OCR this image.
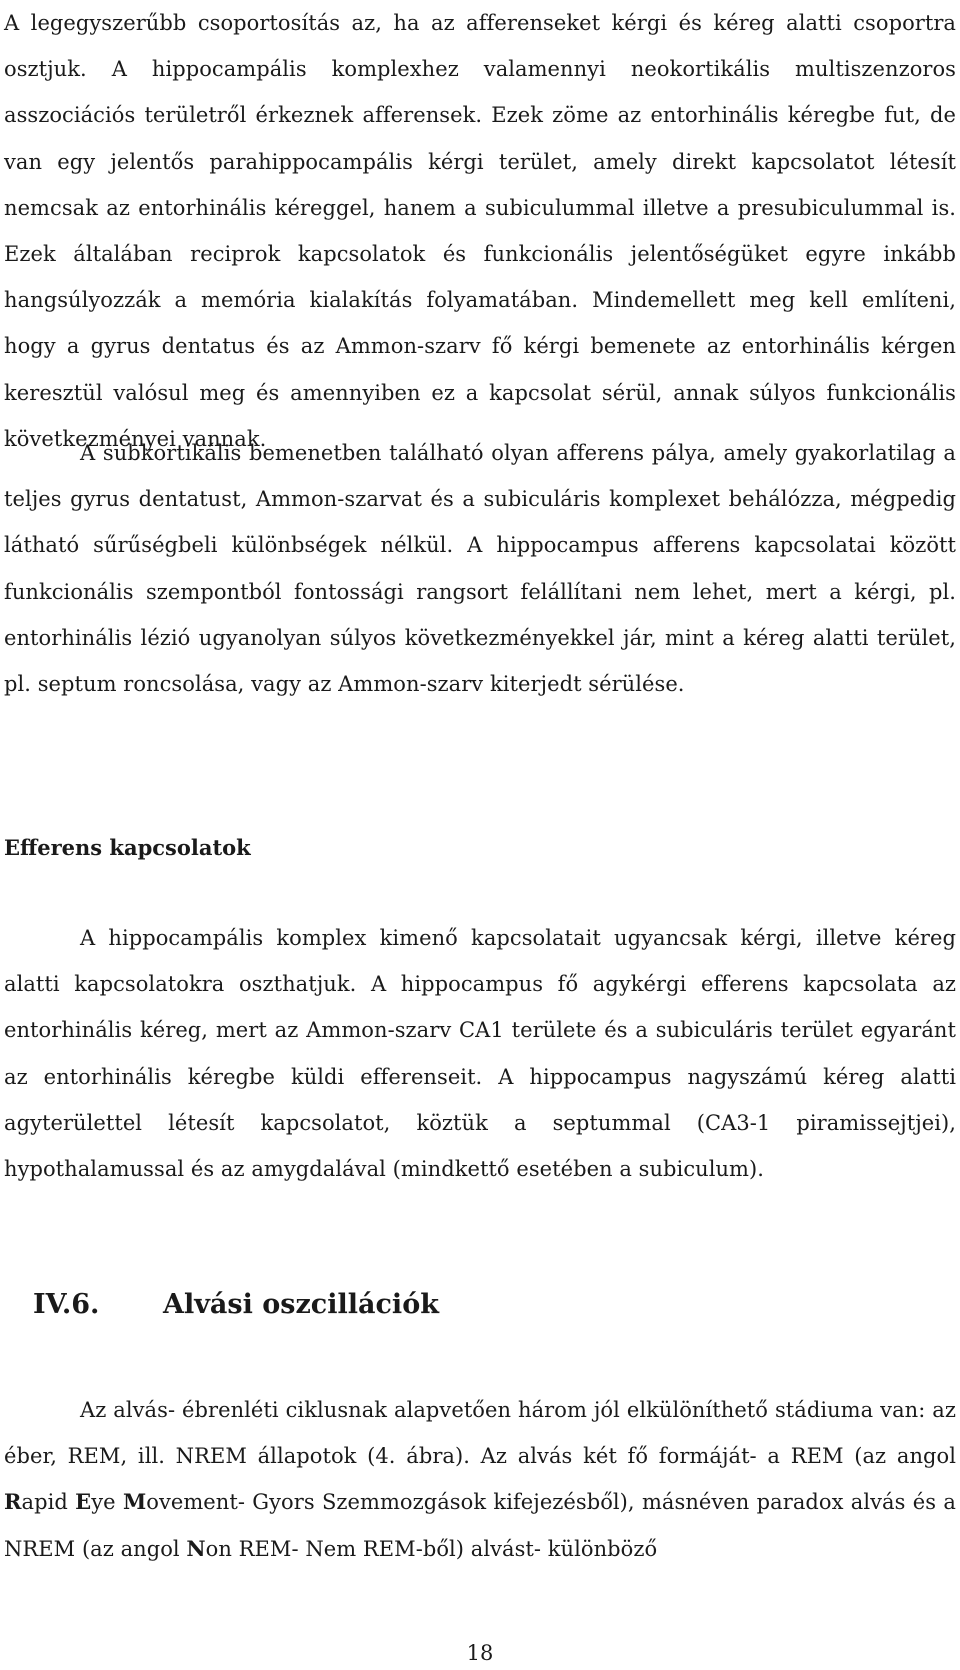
A legegyszerűbb csoportosítás az, ha az afferenseket kérgi és kéreg alatti csoportra osztjuk. A hippocampális komplexhez valamennyi neokortikális multiszenzoros asszociációs területről érkeznek afferensek. Ezek zöme az entorhinális kéregbe fut, de van egy jelentős parahippocampális kérgi terület, amely direkt kapcsolatot létesít nemcsak az entorhinális kéreggel, hanem a subiculummal illetve a presubiculummal is. Ezek általában reciprok kapcsolatok és funkcionális jelentőségüket egyre inkább hangsúlyozzák a memória kialakítás folyamatában. Mindemellett meg kell említeni, hogy a gyrus dentatus és az Ammon-szarv fő kérgi bemenete az entorhinális kérgen keresztül valósul meg és amennyiben ez a kapcsolat sérül, annak súlyos funkcionális következményei vannak.

A subkortikális bemenetben található olyan afferens pálya, amely gyakorlatilag a teljes gyrus dentatust, Ammon-szarvat és a subiculáris komplexet behálózza, mégpedig látható sűrűségbeli különbségek nélkül. A hippocampus afferens kapcsolatai között funkcionális szempontból fontossági rangsort felállítani nem lehet, mert a kérgi, pl. entorhinális lézió ugyanolyan súlyos következményekkel jár, mint a kéreg alatti terület, pl. septum roncsolása, vagy az Ammon-szarv kiterjedt sérülése.

Efferens kapcsolatok

A hippocampális komplex kimenő kapcsolatait ugyancsak kérgi, illetve kéreg alatti kapcsolatokra oszthatjuk. A hippocampus fő agykérgi efferens kapcsolata az entorhinális kéreg, mert az Ammon-szarv CA1 területe és a subiculáris terület egyaránt az entorhinális kéregbe küldi efferenseit. A hippocampus nagyszámú kéreg alatti agyterülettel létesít kapcsolatot, köztük a septummal (CA3-1 piramissejtjei), hypothalamussal és az amygdalával (mindkettő esetében a subiculum).

IV.6. Alvási oszcillációk

Az alvás- ébrenléti ciklusnak alapvetően három jól elkülöníthető stádiuma van: az éber, REM, ill. NREM állapotok (4. ábra). Az alvás két fő formáját- a REM (az angol Rapid Eye Movement- Gyors Szemmozgások kifejezésből), másnéven paradox alvás és a NREM (az angol Non REM- Nem REM-ből) alvást- különböző

18
